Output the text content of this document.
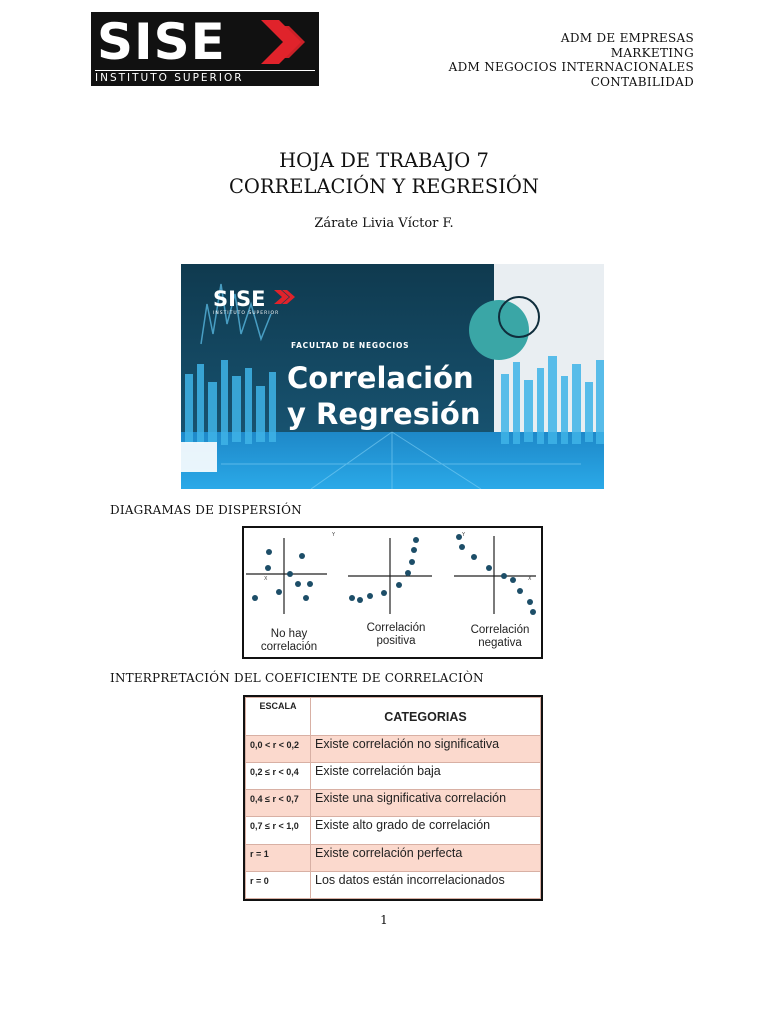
SISE
INSTITUTO SUPERIOR
ADM DE EMPRESAS
MARKETING
ADM NEGOCIOS INTERNACIONALES
CONTABILIDAD
HOJA DE TRABAJO 7
CORRELACIÓN Y REGRESIÓN
Zárate Livia Víctor F.
SISE
INSTITUTO SUPERIOR
FACULTAD DE NEGOCIOS
Correlación
y Regresión
DIAGRAMAS DE DISPERSIÓN
Y
X
Y
X
No hay
correlación
Correlación
positiva
Correlación
negativa
INTERPRETACIÓN DEL COEFICIENTE DE CORRELACIÒN
ESCALA	CATEGORIAS
0,0 < r < 0,2	Existe correlación no significativa
0,2 ≤ r < 0,4	Existe correlación baja
0,4 ≤ r < 0,7	Existe una significativa correlación
0,7 ≤ r < 1,0	Existe alto grado de correlación
r = 1	Existe correlación perfecta
r = 0	Los datos están incorrelacionados
1
